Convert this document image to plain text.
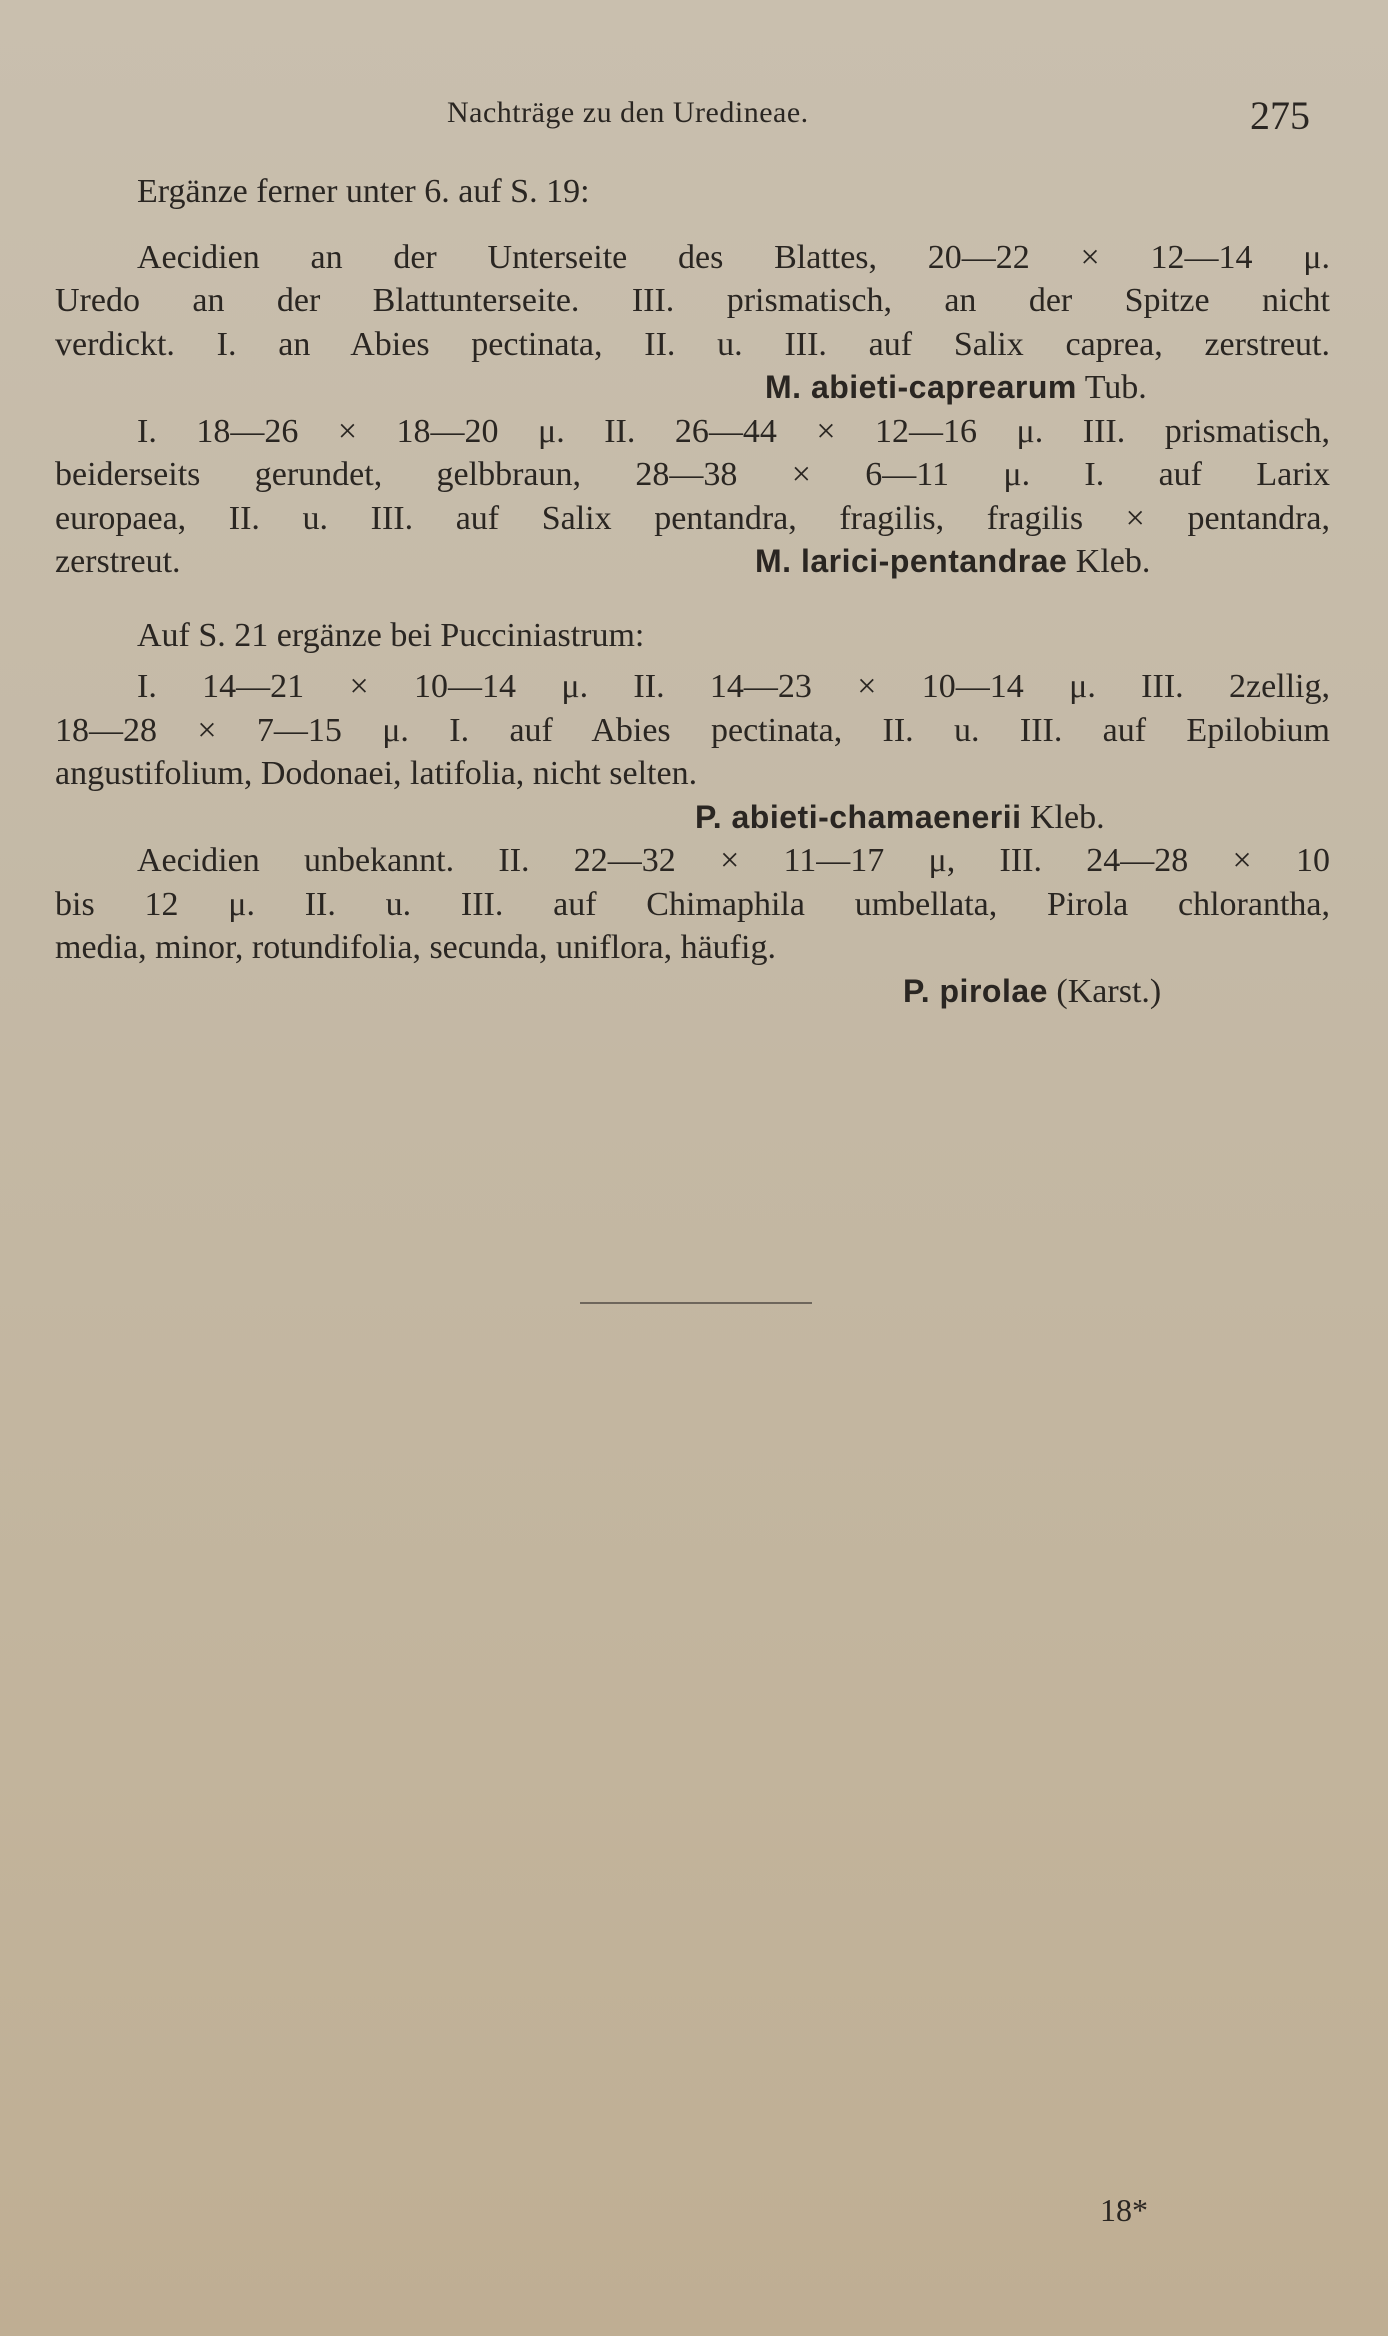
Nachträge zu den Uredineae.	275
Ergänze ferner unter 6. auf S. 19:
Aecidien an der Unterseite des Blattes, 20—22 × 12—14 μ.
Uredo an der Blattunterseite. III. prismatisch, an der Spitze nicht
verdickt. I. an Abies pectinata, II. u. III. auf Salix caprea, zerstreut.
M. abieti-caprearum Tub.
I. 18—26 × 18—20 μ. II. 26—44 × 12—16 μ. III. prismatisch,
beiderseits gerundet, gelbbraun, 28—38 × 6—11 μ. I. auf Larix
europaea, II. u. III. auf Salix pentandra, fragilis, fragilis × pentandra,
zerstreut.	M. larici-pentandrae Kleb.
Auf S. 21 ergänze bei Pucciniastrum:
I. 14—21 × 10—14 μ. II. 14—23 × 10—14 μ. III. 2zellig,
18—28 × 7—15 μ. I. auf Abies pectinata, II. u. III. auf Epilobium
angustifolium, Dodonaei, latifolia, nicht selten.
P. abieti-chamaenerii Kleb.
Aecidien unbekannt. II. 22—32 × 11—17 μ, III. 24—28 × 10
bis 12 μ. II. u. III. auf Chimaphila umbellata, Pirola chlorantha,
media, minor, rotundifolia, secunda, uniflora, häufig.
P. pirolae (Karst.)
18*
